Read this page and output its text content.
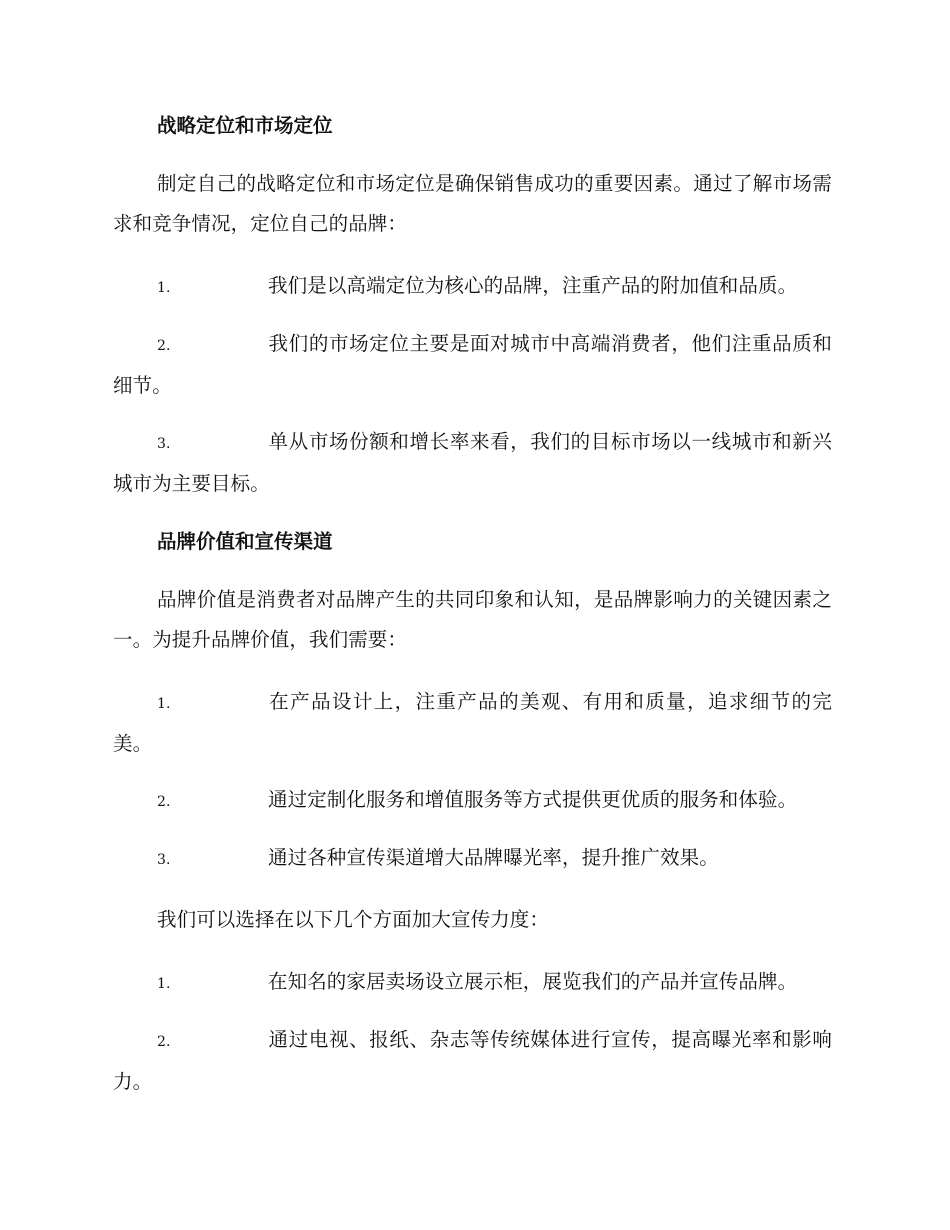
战略定位和市场定位

制定自己的战略定位和市场定位是确保销售成功的重要因素。通过了解市场需求和竞争情况，定位自己的品牌：

1.	我们是以高端定位为核心的品牌，注重产品的附加值和品质。
2.	我们的市场定位主要是面对城市中高端消费者，他们注重品质和细节。
3.	单从市场份额和增长率来看，我们的目标市场以一线城市和新兴城市为主要目标。
品牌价值和宣传渠道

品牌价值是消费者对品牌产生的共同印象和认知，是品牌影响力的关键因素之一。为提升品牌价值，我们需要：

1.	在产品设计上，注重产品的美观、有用和质量，追求细节的完美。
2.	通过定制化服务和增值服务等方式提供更优质的服务和体验。
3.	通过各种宣传渠道增大品牌曝光率，提升推广效果。

我们可以选择在以下几个方面加大宣传力度：

1.	在知名的家居卖场设立展示柜，展览我们的产品并宣传品牌。
2.	通过电视、报纸、杂志等传统媒体进行宣传，提高曝光率和影响力。
